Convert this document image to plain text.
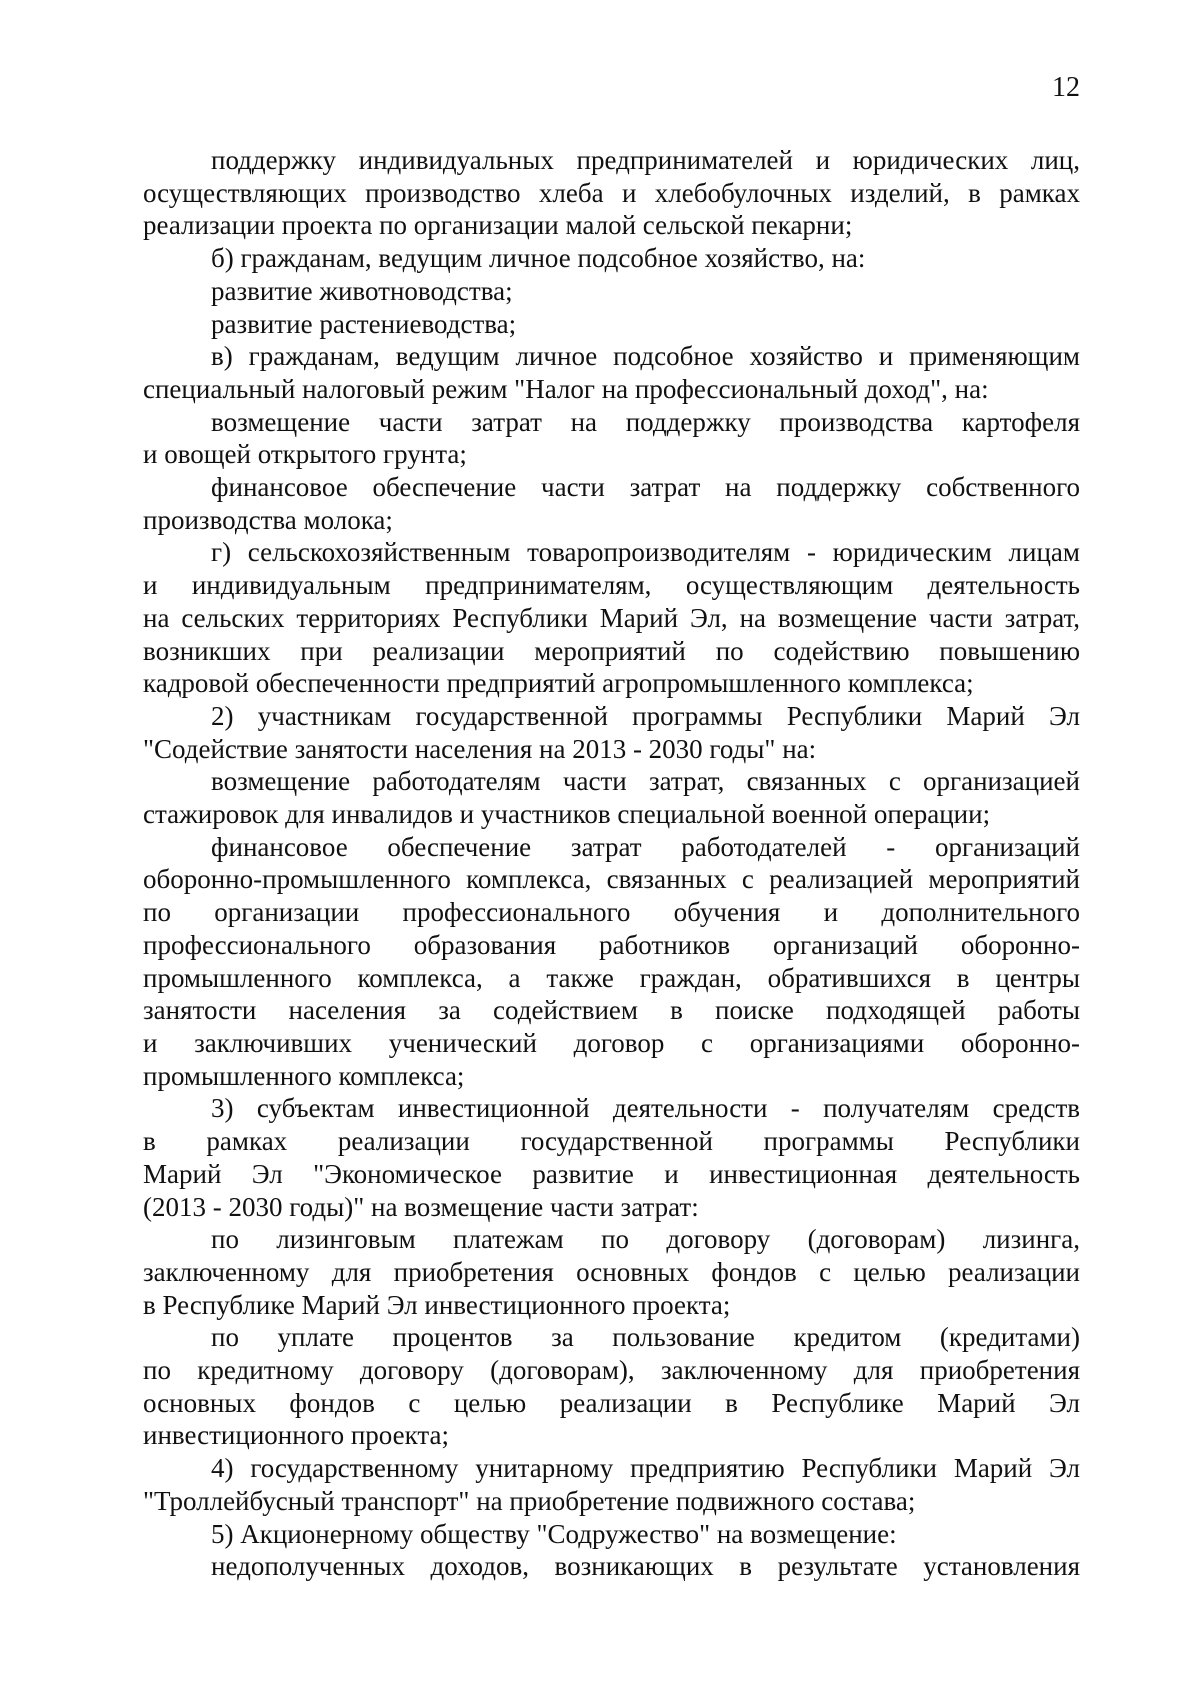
12
поддержку индивидуальных предпринимателей и юридических лиц,
осуществляющих производство хлеба и хлебобулочных изделий, в рамках
реализации проекта по организации малой сельской пекарни;
б) гражданам, ведущим личное подсобное хозяйство, на:
развитие животноводства;
развитие растениеводства;
в) гражданам, ведущим личное подсобное хозяйство и применяющим
специальный налоговый режим "Налог на профессиональный доход", на:
возмещение части затрат на поддержку производства картофеля
и овощей открытого грунта;
финансовое обеспечение части затрат на поддержку собственного
производства молока;
г) сельскохозяйственным товаропроизводителям - юридическим лицам
и индивидуальным предпринимателям, осуществляющим деятельность
на сельских территориях Республики Марий Эл, на возмещение части затрат,
возникших при реализации мероприятий по содействию повышению
кадровой обеспеченности предприятий агропромышленного комплекса;
2) участникам государственной программы Республики Марий Эл
"Содействие занятости населения на 2013 - 2030 годы" на:
возмещение работодателям части затрат, связанных с организацией
стажировок для инвалидов и участников специальной военной операции;
финансовое обеспечение затрат работодателей - организаций
оборонно-промышленного комплекса, связанных с реализацией мероприятий
по организации профессионального обучения и дополнительного
профессионального образования работников организаций оборонно-
промышленного комплекса, а также граждан, обратившихся в центры
занятости населения за содействием в поиске подходящей работы
и заключивших ученический договор с организациями оборонно-
промышленного комплекса;
3) субъектам инвестиционной деятельности - получателям средств
в рамках реализации государственной программы Республики
Марий Эл "Экономическое развитие и инвестиционная деятельность
(2013 - 2030 годы)" на возмещение части затрат:
по лизинговым платежам по договору (договорам) лизинга,
заключенному для приобретения основных фондов с целью реализации
в Республике Марий Эл инвестиционного проекта;
по уплате процентов за пользование кредитом (кредитами)
по кредитному договору (договорам), заключенному для приобретения
основных фондов с целью реализации в Республике Марий Эл
инвестиционного проекта;
4) государственному унитарному предприятию Республики Марий Эл
"Троллейбусный транспорт" на приобретение подвижного состава;
5) Акционерному обществу "Содружество" на возмещение:
недополученных доходов, возникающих в результате установления
